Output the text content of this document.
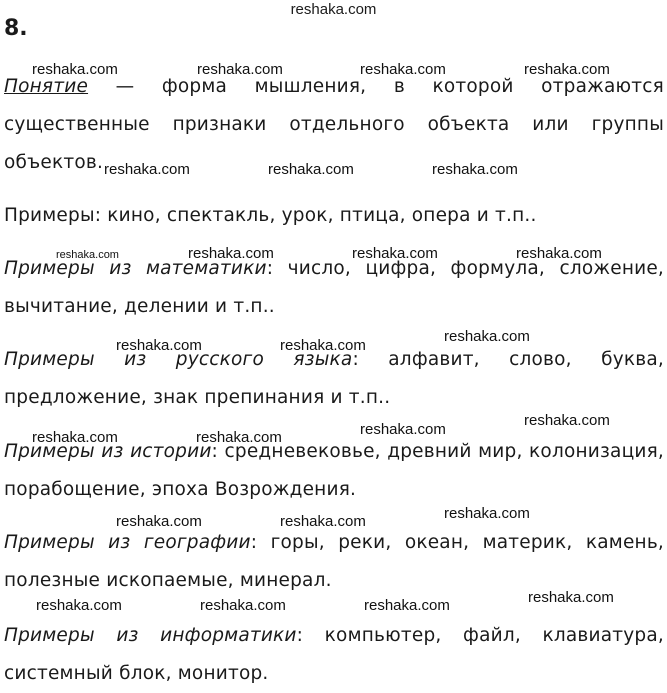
reshaka.com
8.

Понятие — форма мышления, в которой отражаются существенные признаки отдельного объекта или группы объектов.

Примеры: кино, спектакль, урок, птица, опера и т.п..

Примеры из математики: число, цифра, формула, сложение, вычитание, делении и т.п..

Примеры из русского языка: алфавит, слово, буква, предложение, знак препинания и т.п..

Примеры из истории: средневековье, древний мир, колонизация, порабощение, эпоха Возрождения.

Примеры из географии: горы, реки, океан, материк, камень, полезные ископаемые, минерал.

Примеры из информатики: компьютер, файл, клавиатура, системный блок, монитор.

reshaka.com	reshaka.com	reshaka.com	reshaka.com
reshaka.com	reshaka.com	reshaka.com
reshaka.com	reshaka.com	reshaka.com	reshaka.com
reshaka.com
reshaka.com	reshaka.com
reshaka.com
reshaka.com
reshaka.com	reshaka.com
reshaka.com
reshaka.com	reshaka.com
reshaka.com
reshaka.com	reshaka.com	reshaka.com
